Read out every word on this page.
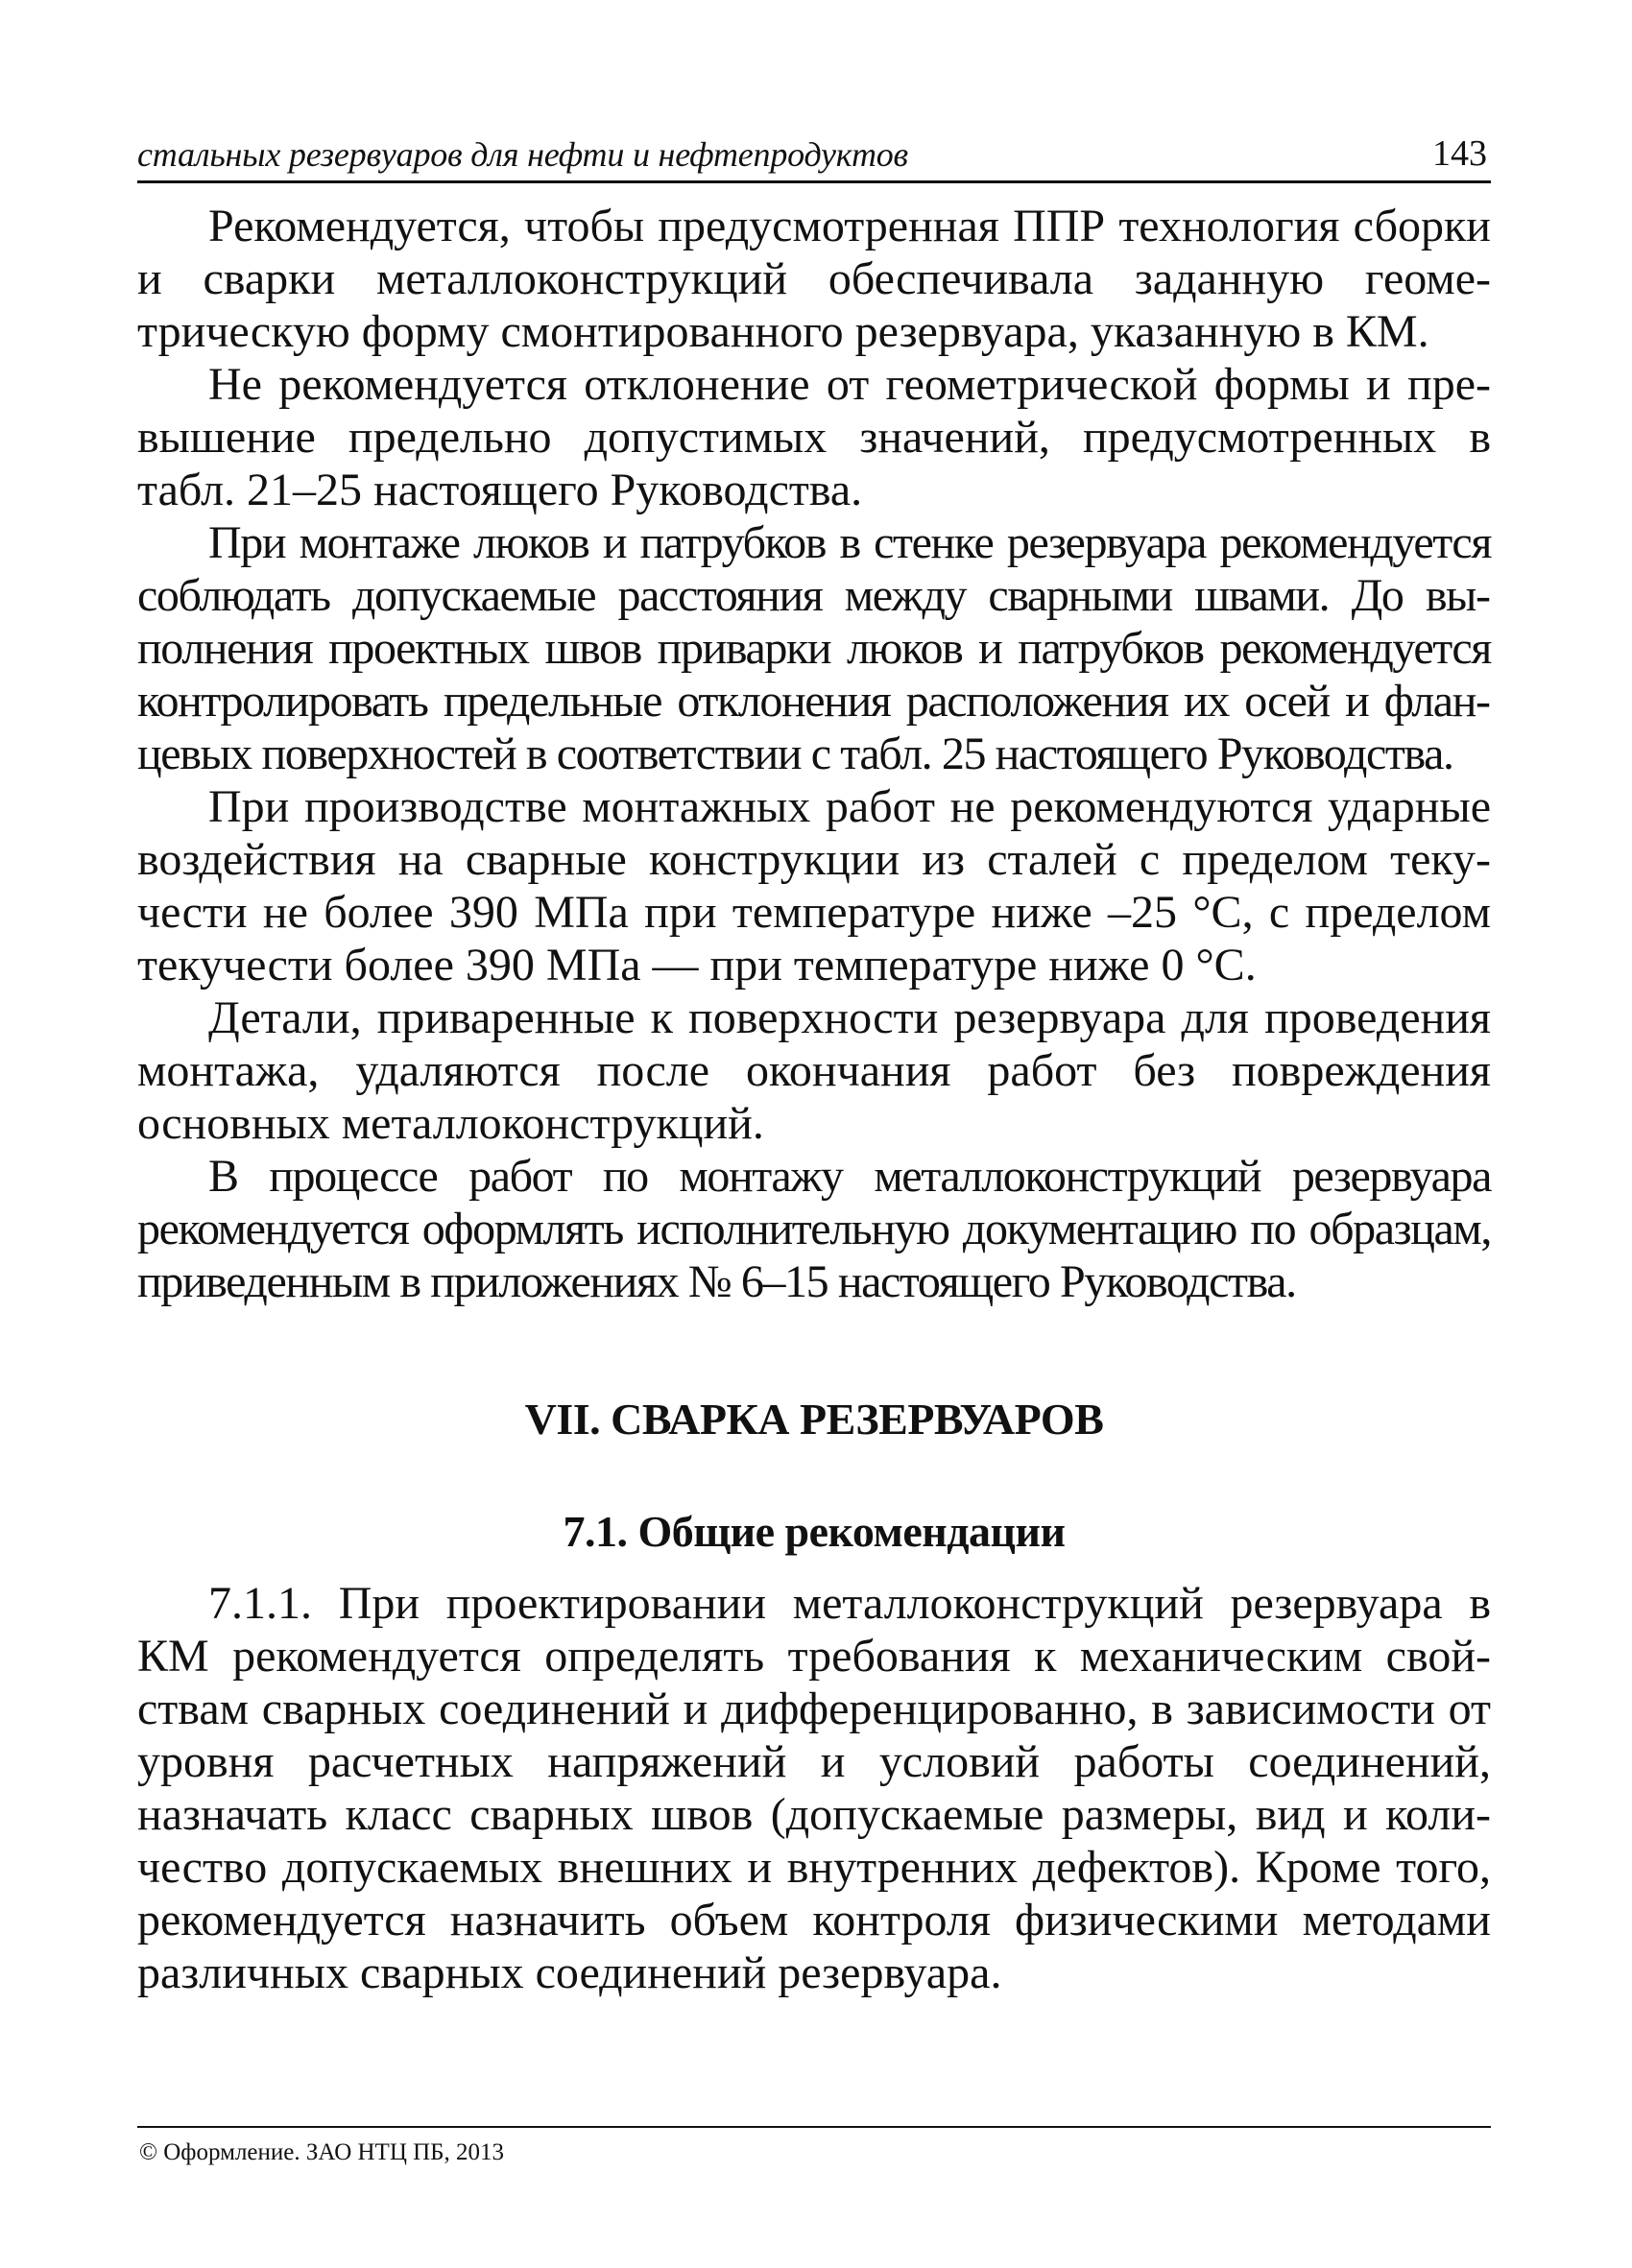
стальных резервуаров для нефти и нефтепродуктов	143

Рекомендуется, чтобы предусмотренная ППР технология сборки и сварки металлоконструкций обеспечивала заданную геометрическую форму смонтированного резервуара, указанную в КМ.

Не рекомендуется отклонение от геометрической формы и превышение предельно допустимых значений, предусмотренных в табл. 21–25 настоящего Руководства.

При монтаже люков и патрубков в стенке резервуара рекомендуется соблюдать допускаемые расстояния между сварными швами. До выполнения проектных швов приварки люков и патрубков рекомендуется контролировать предельные отклонения расположения их осей и фланцевых поверхностей в соответствии с табл. 25 настоящего Руководства.

При производстве монтажных работ не рекомендуются ударные воздействия на сварные конструкции из сталей с пределом текучести не более 390 МПа при температуре ниже –25 °С, с пределом текучести более 390 МПа — при температуре ниже 0 °С.

Детали, приваренные к поверхности резервуара для проведения монтажа, удаляются после окончания работ без повреждения основных металлоконструкций.

В процессе работ по монтажу металлоконструкций резервуара рекомендуется оформлять исполнительную документацию по образцам, приведенным в приложениях № 6–15 настоящего Руководства.

VII. СВАРКА РЕЗЕРВУАРОВ
7.1. Общие рекомендации

7.1.1. При проектировании металлоконструкций резервуара в КМ рекомендуется определять требования к механическим свойствам сварных соединений и дифференцированно, в зависимости от уровня расчетных напряжений и условий работы соединений, назначать класс сварных швов (допускаемые размеры, вид и количество допускаемых внешних и внутренних дефектов). Кроме того, рекомендуется назначить объем контроля физическими методами различных сварных соединений резервуара.

© Оформление. ЗАО НТЦ ПБ, 2013
